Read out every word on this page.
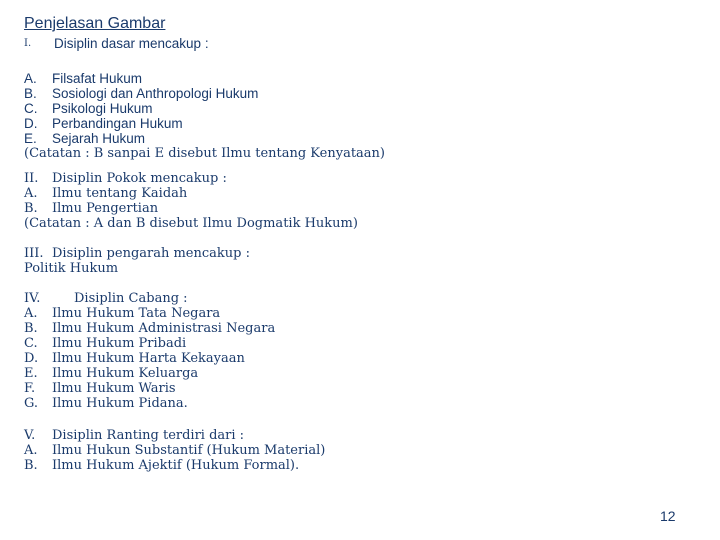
Penjelasan Gambar
I.	Disiplin dasar mencakup :
A.	Filsafat Hukum
B.	Sosiologi dan Anthropologi Hukum
C.	Psikologi Hukum
D.	Perbandingan Hukum
E.	Sejarah Hukum
(Catatan : B sanpai E disebut Ilmu tentang Kenyataan)
II.	Disiplin Pokok mencakup :
A.	Ilmu tentang Kaidah
B.	Ilmu Pengertian
(Catatan : A dan B disebut Ilmu Dogmatik Hukum)
III. Disiplin pengarah mencakup :
Politik Hukum
IV.	Disiplin Cabang :
A.	Ilmu Hukum Tata Negara
B.	Ilmu Hukum Administrasi Negara
C.	Ilmu Hukum Pribadi
D.	Ilmu Hukum Harta Kekayaan
E.	Ilmu Hukum Keluarga
F.	Ilmu Hukum Waris
G.	Ilmu Hukum Pidana.
V.	Disiplin Ranting terdiri dari :
A.	Ilmu Hukun Substantif (Hukum Material)
B.	Ilmu Hukum Ajektif (Hukum Formal).
12
